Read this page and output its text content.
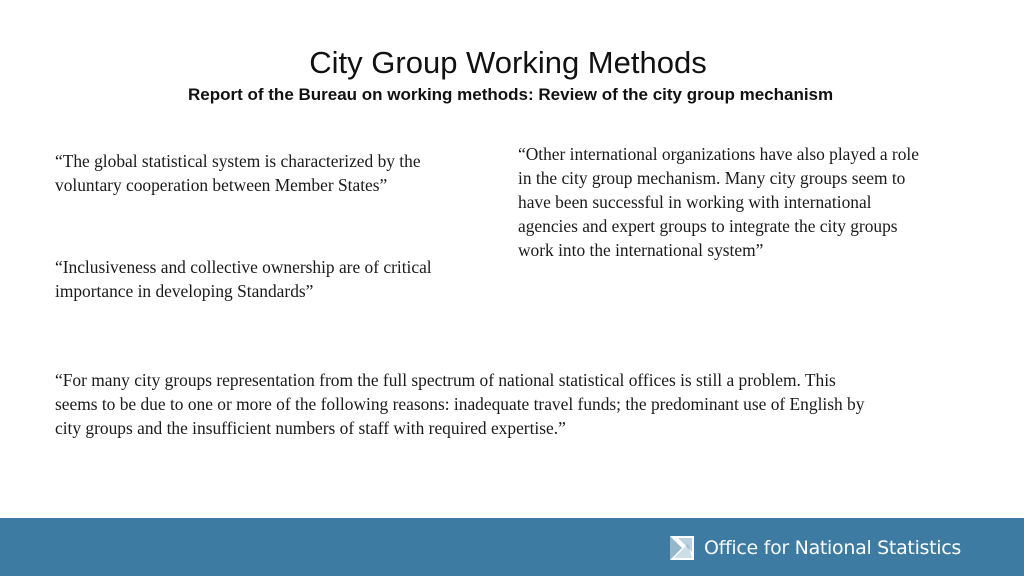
City Group Working Methods
Report of the Bureau on working methods: Review of the city group mechanism
“The global statistical system is characterized by the voluntary cooperation between Member States”
“Inclusiveness and collective ownership are of critical importance in developing Standards”
“Other international organizations have also played a role in the city group mechanism. Many city groups seem to have been successful in working with international agencies and expert groups to integrate the city groups work into the international system”
“For many city groups representation from the full spectrum of national statistical offices is still a problem. This seems to be due to one or more of the following reasons: inadequate travel funds; the predominant use of English by city groups and the insufficient numbers of staff with required expertise.”
Office for National Statistics
